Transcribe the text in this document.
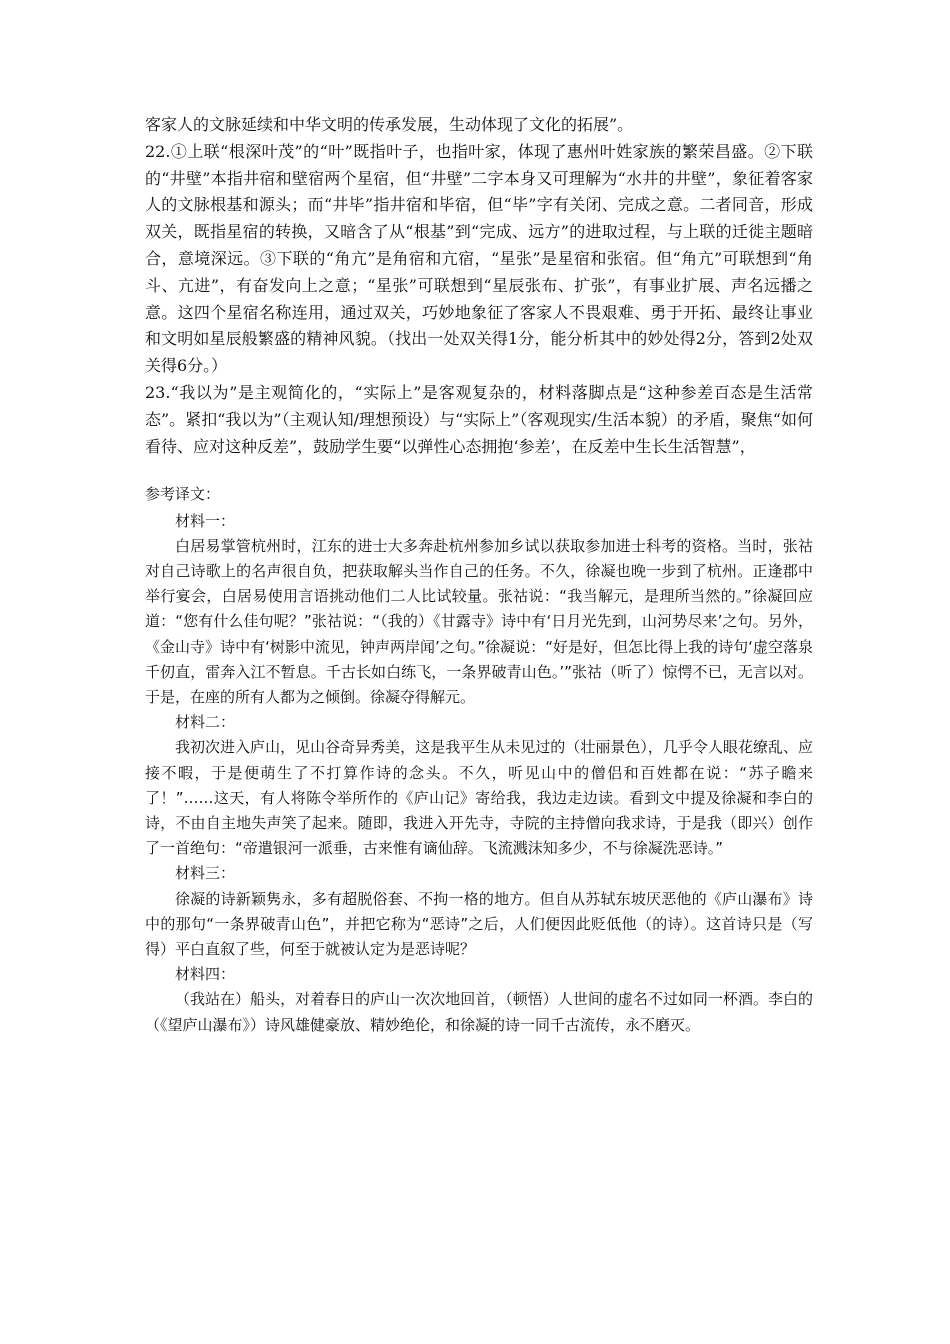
客家人的文脉延续和中华文明的传承发展，生动体现了文化的拓展”。

22.①上联“根深叶茂”的“叶”既指叶子，也指叶家，体现了惠州叶姓家族的繁荣昌盛。②下联的“井壁”本指井宿和壁宿两个星宿，但“井壁”二字本身又可理解为“水井的井壁”，象征着客家人的文脉根基和源头；而“井毕”指井宿和毕宿，但“毕”字有关闭、完成之意。二者同音，形成双关，既指星宿的转换，又暗含了从“根基”到“完成、远方”的进取过程，与上联的迁徙主题暗合，意境深远。③下联的“角亢”是角宿和亢宿，“星张”是星宿和张宿。但“角亢”可联想到“角斗、亢进”，有奋发向上之意；“星张”可联想到“星辰张布、扩张”，有事业扩展、声名远播之意。这四个星宿名称连用，通过双关，巧妙地象征了客家人不畏艰难、勇于开拓、最终让事业和文明如星辰般繁盛的精神风貌。（找出一处双关得1分，能分析其中的妙处得2分，答到2处双关得6分。）

23.“我以为”是主观简化的，“实际上”是客观复杂的，材料落脚点是“这种参差百态是生活常态”。紧扣“我以为”（主观认知/理想预设）与“实际上”（客观现实/生活本貌）的矛盾，聚焦“如何看待、应对这种反差”，鼓励学生要“以弹性心态拥抱‘参差’，在反差中生长生活智慧”，

参考译文：

材料一：

白居易掌管杭州时，江东的进士大多奔赴杭州参加乡试以获取参加进士科考的资格。当时，张祜对自己诗歌上的名声很自负，把获取解头当作自己的任务。不久，徐凝也晚一步到了杭州。正逢郡中举行宴会，白居易使用言语挑动他们二人比试较量。张祜说：“我当解元，是理所当然的。”徐凝回应道：“您有什么佳句呢？”张祜说：“（我的）《甘露寺》诗中有‘日月光先到，山河势尽来’之句。另外，《金山寺》诗中有‘树影中流见，钟声两岸闻’之句。”徐凝说：“好是好，但怎比得上我的诗句‘虚空落泉千仞直，雷奔入江不暂息。千古长如白练飞，一条界破青山色。’”张祜（听了）惊愕不已，无言以对。于是，在座的所有人都为之倾倒。徐凝夺得解元。

材料二：

我初次进入庐山，见山谷奇异秀美，这是我平生从未见过的（壮丽景色），几乎令人眼花缭乱、应接不暇，于是便萌生了不打算作诗的念头。不久，听见山中的僧侣和百姓都在说：“苏子瞻来了！”……这天，有人将陈令举所作的《庐山记》寄给我，我边走边读。看到文中提及徐凝和李白的诗，不由自主地失声笑了起来。随即，我进入开先寺，寺院的主持僧向我求诗，于是我（即兴）创作了一首绝句：“帝遣银河一派垂，古来惟有谪仙辞。飞流溅沫知多少，不与徐凝洗恶诗。”

材料三：

徐凝的诗新颖隽永，多有超脱俗套、不拘一格的地方。但自从苏轼东坡厌恶他的《庐山瀑布》诗中的那句“一条界破青山色”，并把它称为“恶诗”之后，人们便因此贬低他（的诗）。这首诗只是（写得）平白直叙了些，何至于就被认定为是恶诗呢？

材料四：

（我站在）船头，对着春日的庐山一次次地回首，（顿悟）人世间的虚名不过如同一杯酒。李白的（《望庐山瀑布》）诗风雄健豪放、精妙绝伦，和徐凝的诗一同千古流传，永不磨灭。
